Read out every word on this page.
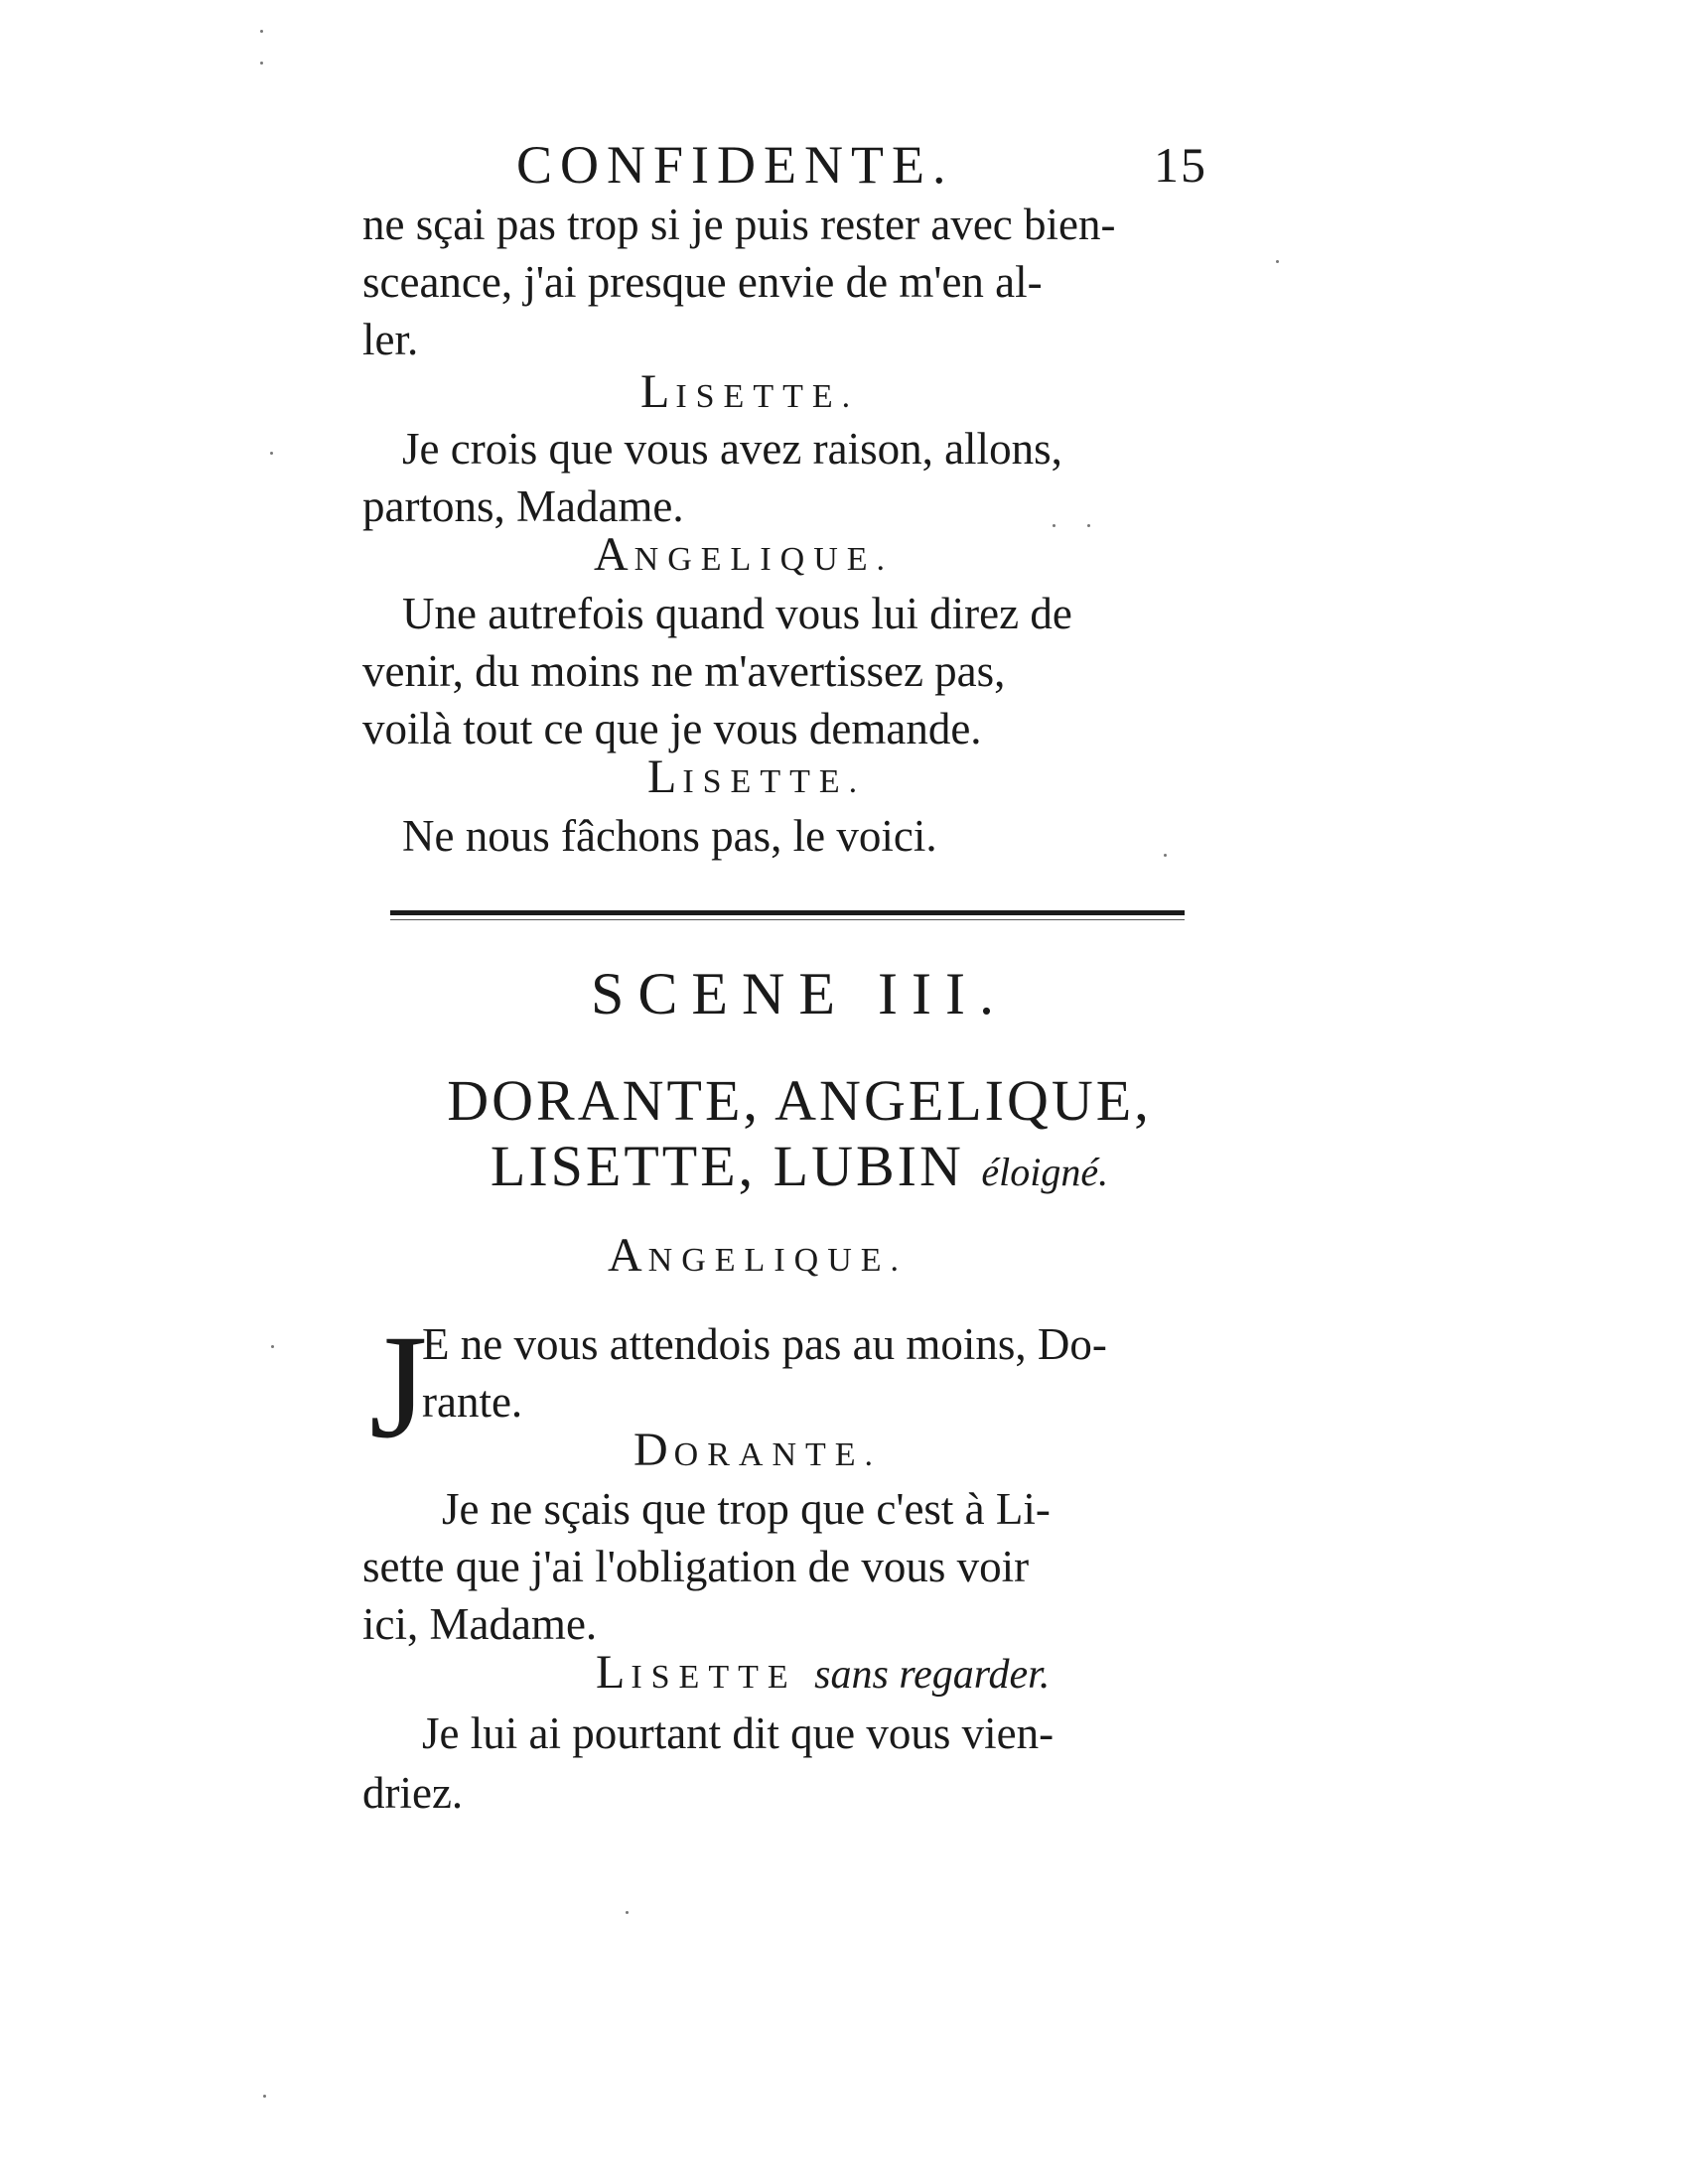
CONFIDENTE.	15
ne sçai pas trop si je puis rester avec bien-
sceance, j'ai presque envie de m'en al-
ler.
LISETTE.
Je crois que vous avez raison, allons,
partons, Madame.
ANGELIQUE.
Une autrefois quand vous lui direz de
venir, du moins ne m'avertissez pas,
voilà tout ce que je vous demande.
LISETTE.
Ne nous fâchons pas, le voici.
SCENE III.
DORANTE, ANGELIQUE,
LISETTE, LUBIN éloigné.
ANGELIQUE.
J
E ne vous attendois pas au moins, Do-
rante.
DORANTE.
Je ne sçais que trop que c'est à Li-
sette que j'ai l'obligation de vous voir
ici, Madame.
LISETTE sans regarder.
Je lui ai pourtant dit que vous vien-
driez.
